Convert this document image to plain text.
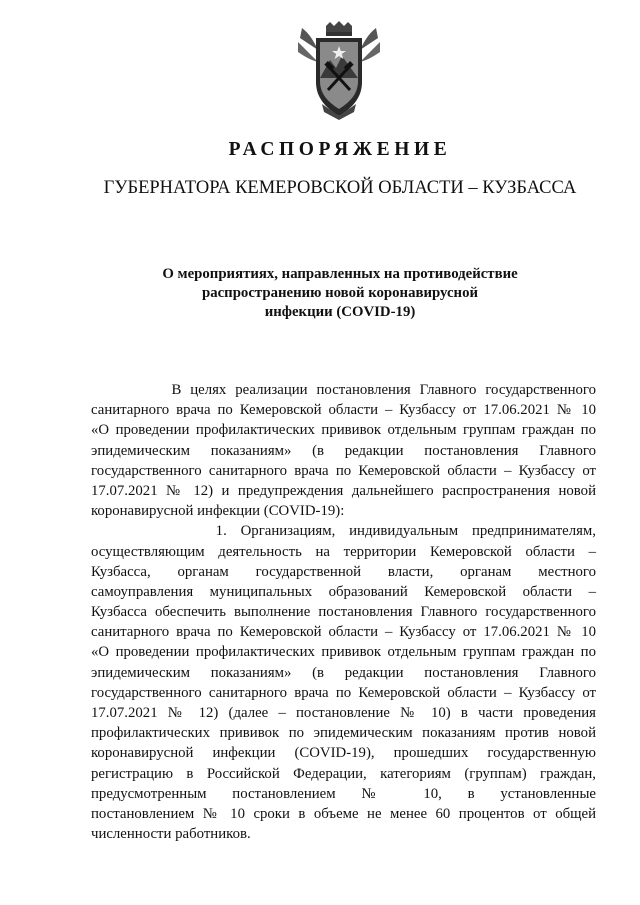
РАСПОРЯЖЕНИЕ
ГУБЕРНАТОРА КЕМЕРОВСКОЙ ОБЛАСТИ – КУЗБАССА
О мероприятиях, направленных на противодействие
распространению новой коронавирусной
инфекции (COVID-19)
В целях реализации постановления Главного государственного
санитарного врача по Кемеровской области – Кузбассу от 17.06.2021 № 10
«О проведении профилактических прививок отдельным группам граждан по
эпидемическим показаниям» (в редакции постановления Главного
государственного санитарного врача по Кемеровской области – Кузбассу от
17.07.2021 № 12) и предупреждения дальнейшего распространения новой
коронавирусной инфекции (COVID-19):
1. Организациям, индивидуальным предпринимателям,
осуществляющим деятельность на территории Кемеровской области –
Кузбасса, органам государственной власти, органам местного
самоуправления муниципальных образований Кемеровской области –
Кузбасса обеспечить выполнение постановления Главного государственного
санитарного врача по Кемеровской области – Кузбассу от 17.06.2021 № 10
«О проведении профилактических прививок отдельным группам граждан по
эпидемическим показаниям» (в редакции постановления Главного
государственного санитарного врача по Кемеровской области – Кузбассу от
17.07.2021 № 12) (далее – постановление № 10) в части проведения
профилактических прививок по эпидемическим показаниям против новой
коронавирусной инфекции (COVID-19), прошедших государственную
регистрацию в Российской Федерации, категориям (группам) граждан,
предусмотренным постановлением № 10, в установленные
постановлением № 10 сроки в объеме не менее 60 процентов от общей
численности работников.
